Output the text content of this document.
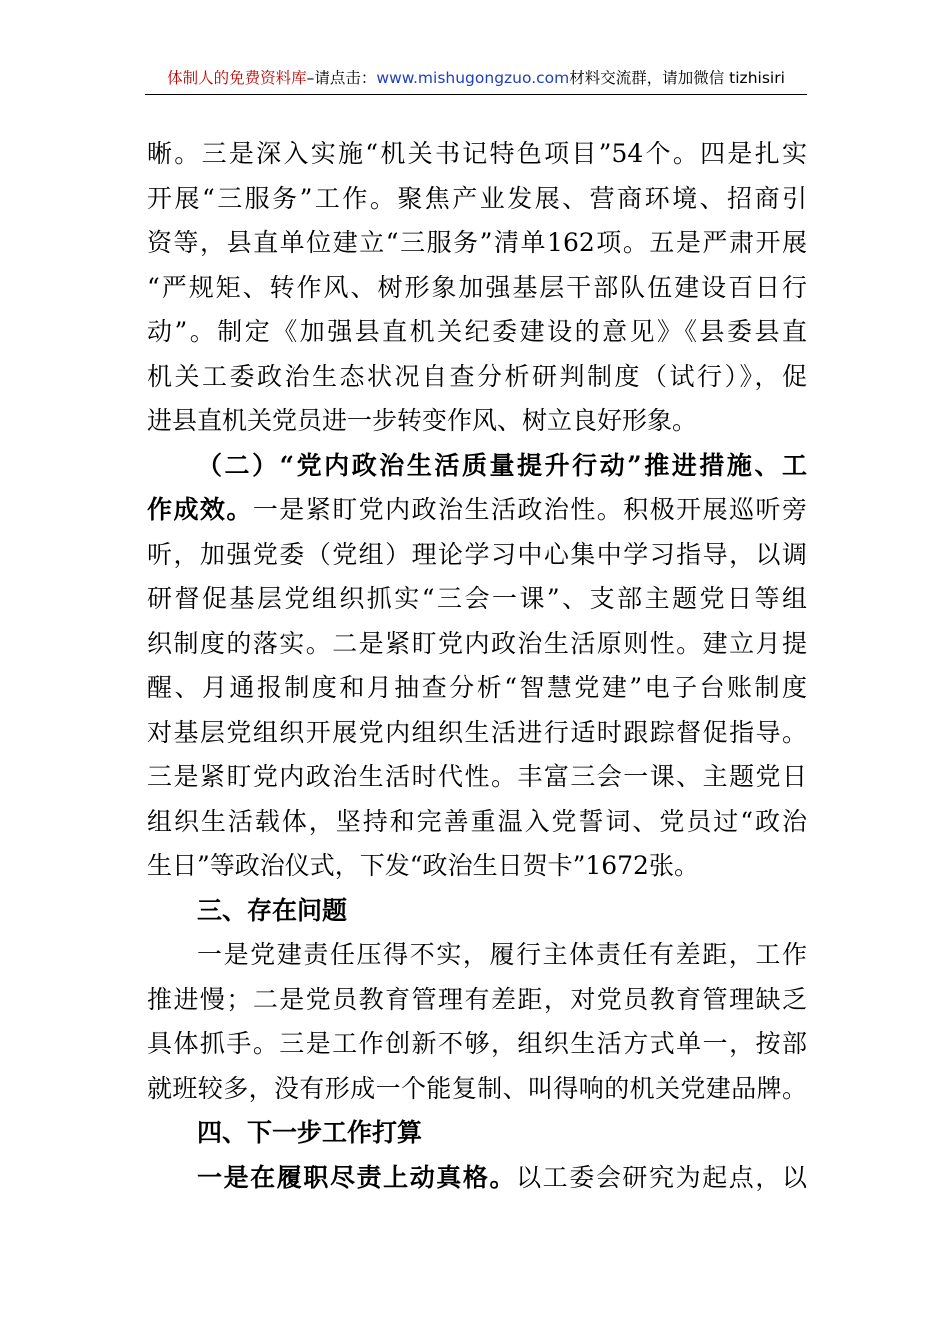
体制人的免费资料库–请点击：www.mishugongzuo.com材料交流群，请加微信 tizhisiri
晰。三是深入实施“机关书记特色项目”54个。四是扎实
开展“三服务”工作。聚焦产业发展、营商环境、招商引
资等，县直单位建立“三服务”清单162项。五是严肃开展
“严规矩、转作风、树形象加强基层干部队伍建设百日行
动”。制定《加强县直机关纪委建设的意见》《县委县直
机关工委政治生态状况自查分析研判制度（试行）》，促
进县直机关党员进一步转变作风、树立良好形象。
（二）“党内政治生活质量提升行动”推进措施、工
作成效。一是紧盯党内政治生活政治性。积极开展巡听旁
听，加强党委（党组）理论学习中心集中学习指导，以调
研督促基层党组织抓实“三会一课”、支部主题党日等组
织制度的落实。二是紧盯党内政治生活原则性。建立月提
醒、月通报制度和月抽查分析“智慧党建”电子台账制度
对基层党组织开展党内组织生活进行适时跟踪督促指导。
三是紧盯党内政治生活时代性。丰富三会一课、主题党日
组织生活载体，坚持和完善重温入党誓词、党员过“政治
生日”等政治仪式，下发“政治生日贺卡”1672张。
三、存在问题
一是党建责任压得不实，履行主体责任有差距，工作
推进慢；二是党员教育管理有差距，对党员教育管理缺乏
具体抓手。三是工作创新不够，组织生活方式单一，按部
就班较多，没有形成一个能复制、叫得响的机关党建品牌。
四、下一步工作打算
一是在履职尽责上动真格。以工委会研究为起点，以
